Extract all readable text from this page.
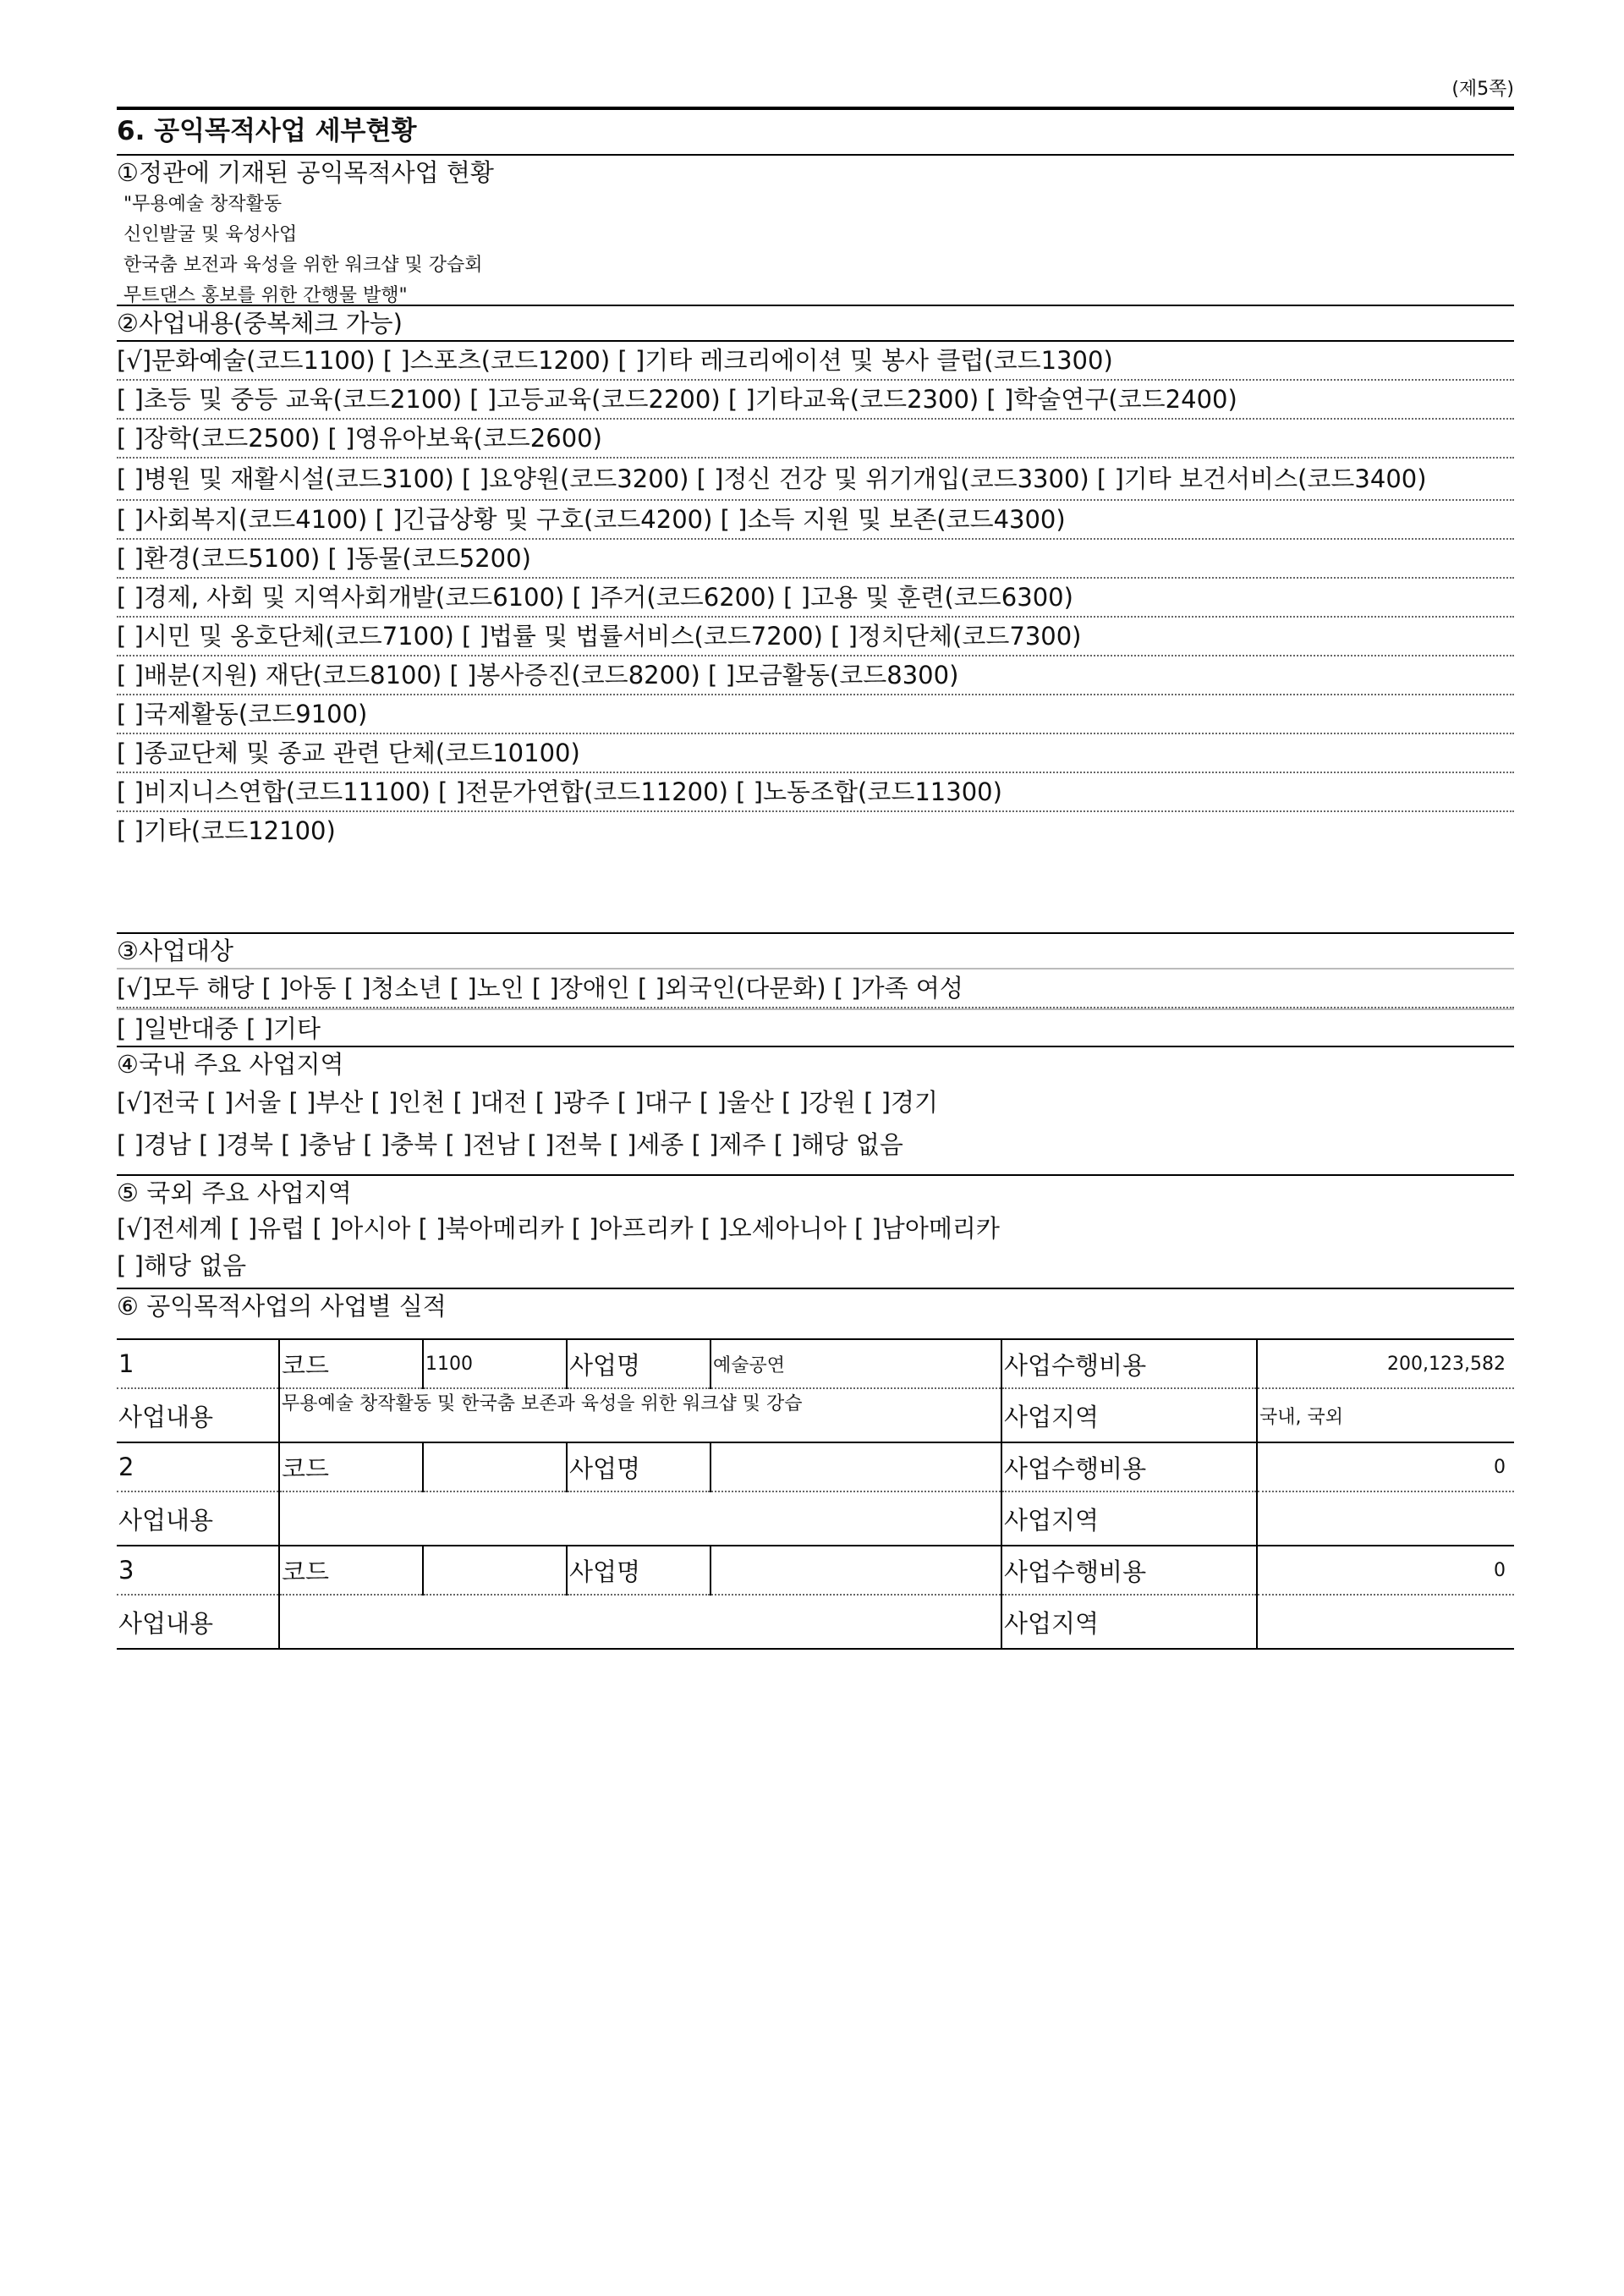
(제5쪽)
6. 공익목적사업 세부현황
①정관에 기재된 공익목적사업 현황
"무용예술 창작활동
신인발굴 및 육성사업
한국춤 보전과 육성을 위한 워크샵 및 강습회
무트댄스 홍보를 위한 간행물 발행"
②사업내용(중복체크 가능)
[√]문화예술(코드1100) [ ]스포츠(코드1200) [ ]기타 레크리에이션 및 봉사 클럽(코드1300)
[ ]초등 및 중등 교육(코드2100) [ ]고등교육(코드2200) [ ]기타교육(코드2300) [ ]학술연구(코드2400)
[ ]장학(코드2500) [ ]영유아보육(코드2600)
[ ]병원 및 재활시설(코드3100) [ ]요양원(코드3200) [ ]정신 건강 및 위기개입(코드3300) [ ]기타 보건서비스(코드3400)
[ ]사회복지(코드4100) [ ]긴급상황 및 구호(코드4200) [ ]소득 지원 및 보존(코드4300)
[ ]환경(코드5100) [ ]동물(코드5200)
[ ]경제, 사회 및 지역사회개발(코드6100) [ ]주거(코드6200) [ ]고용 및 훈련(코드6300)
[ ]시민 및 옹호단체(코드7100) [ ]법률 및 법률서비스(코드7200) [ ]정치단체(코드7300)
[ ]배분(지원) 재단(코드8100) [ ]봉사증진(코드8200) [ ]모금활동(코드8300)
[ ]국제활동(코드9100)
[ ]종교단체 및 종교 관련 단체(코드10100)
[ ]비지니스연합(코드11100) [ ]전문가연합(코드11200) [ ]노동조합(코드11300)
[ ]기타(코드12100)
③사업대상
[√]모두 해당 [ ]아동 [ ]청소년 [ ]노인 [ ]장애인 [ ]외국인(다문화) [ ]가족 여성
[ ]일반대중 [ ]기타
④국내 주요 사업지역
[√]전국 [ ]서울 [ ]부산 [ ]인천 [ ]대전 [ ]광주 [ ]대구 [ ]울산 [ ]강원 [ ]경기
[ ]경남 [ ]경북 [ ]충남 [ ]충북 [ ]전남 [ ]전북 [ ]세종 [ ]제주 [ ]해당 없음
⑤ 국외 주요 사업지역
[√]전세계 [ ]유럽 [ ]아시아 [ ]북아메리카 [ ]아프리카 [ ]오세아니아 [ ]남아메리카
[ ]해당 없음
⑥ 공익목적사업의 사업별 실적
1	코드	1100	사업명	예술공연	사업수행비용	200,123,582
사업내용	무용예술 창작활동 및 한국춤 보존과 육성을 위한 워크샵 및 강습				사업지역	국내, 국외
2	코드		사업명		사업수행비용	0
사업내용					사업지역	
3	코드		사업명		사업수행비용	0
사업내용					사업지역	
